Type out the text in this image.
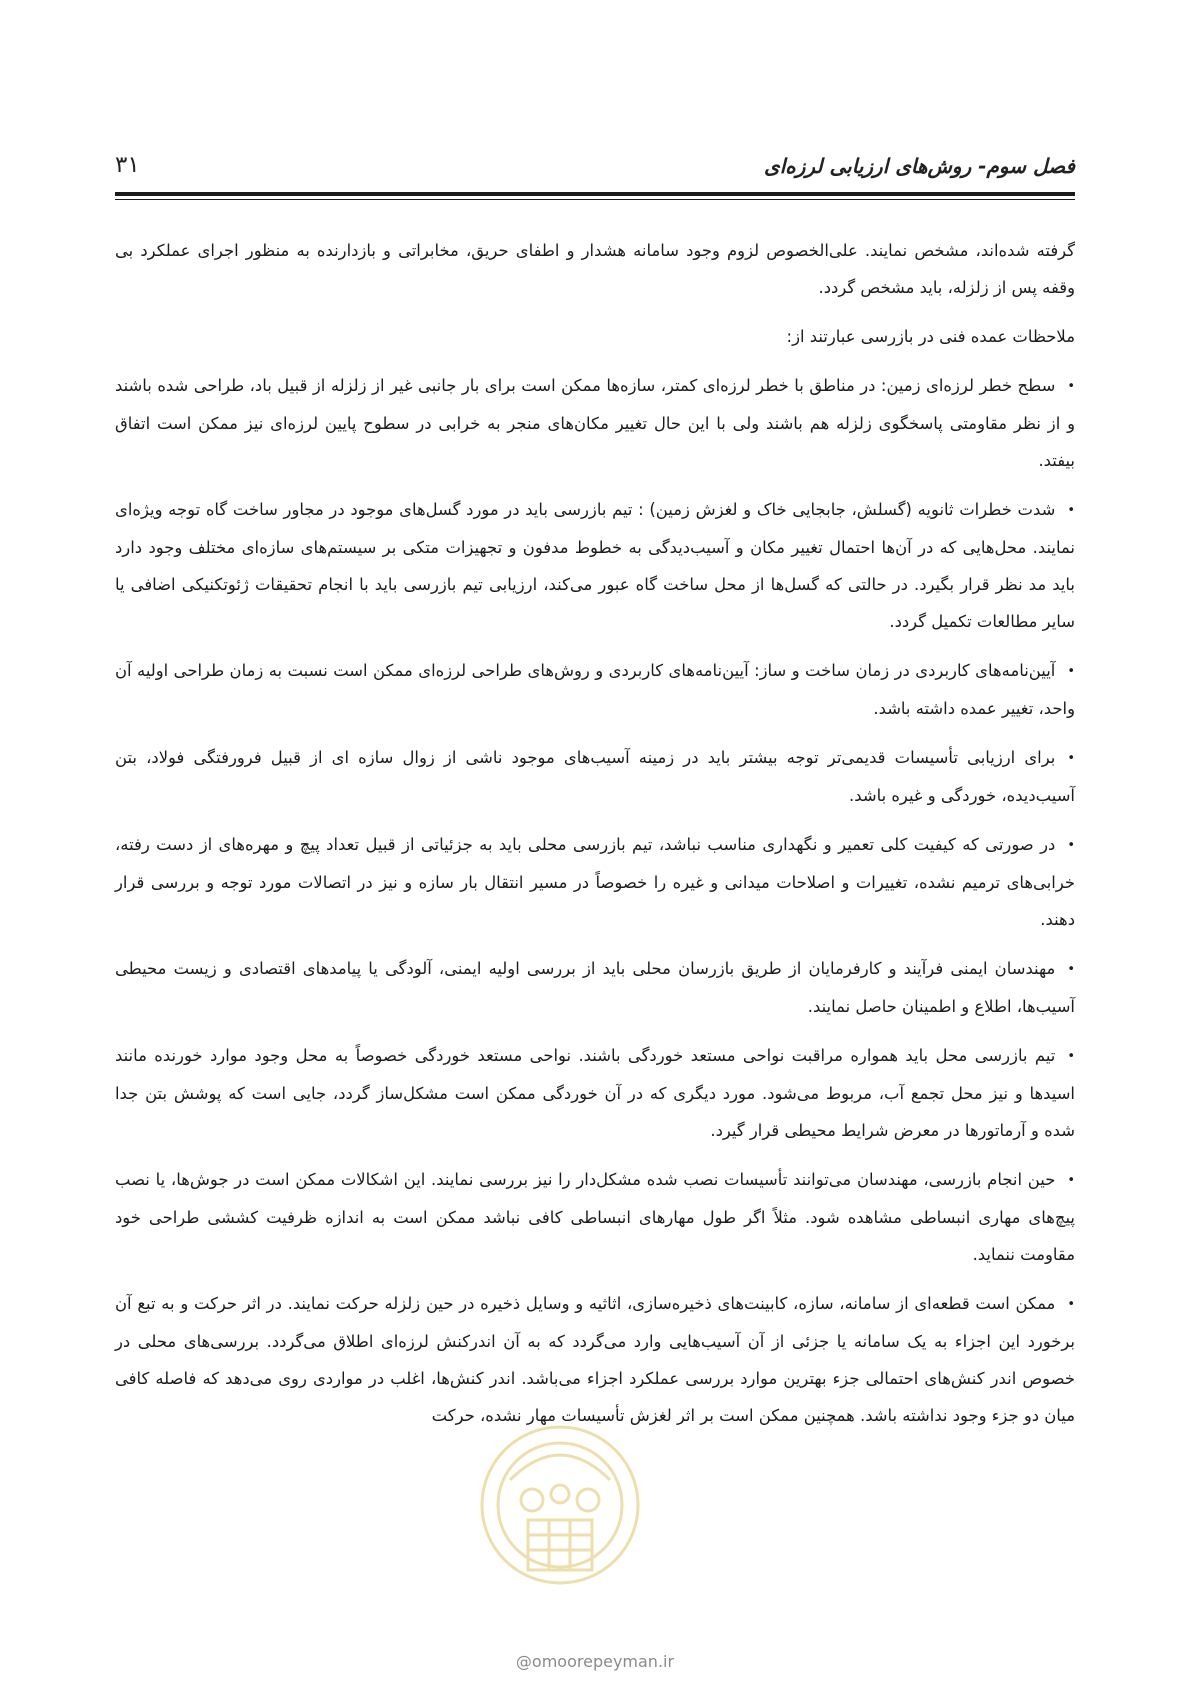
فصل سوم- روش‌های ارزیابی لرزه‌ای
۳۱

گرفته شده‌اند، مشخص نمایند. علی‌الخصوص لزوم وجود سامانه هشدار و اطفای حریق، مخابراتی و بازدارنده به منظور اجرای عملکرد بی وقفه پس از زلزله، باید مشخص گردد.

ملاحظات عمده فنی در بازرسی عبارتند از:

•سطح خطر لرزه‌ای زمین: در مناطق با خطر لرزه‌ای کمتر، سازه‌ها ممکن است برای بار جانبی غیر از زلزله از قبیل باد، طراحی شده باشند و از نظر مقاومتی پاسخگوی زلزله هم باشند ولی با این حال تغییر مکان‌های منجر به خرابی در سطوح پایین لرزه‌ای نیز ممکن است اتفاق بیفتد.

•شدت خطرات ثانویه (گسلش، جابجایی خاک و لغزش زمین) : تیم بازرسی باید در مورد گسل‌های موجود در مجاور ساخت گاه توجه ویژه‌ای نمایند. محل‌هایی که در آن‌ها احتمال تغییر مکان و آسیب‌دیدگی به خطوط مدفون و تجهیزات متکی بر سیستم‌های سازه‌ای مختلف وجود دارد باید مد نظر قرار بگیرد. در حالتی که گسل‌ها از محل ساخت گاه عبور می‌کند، ارزیابی تیم بازرسی باید با انجام تحقیقات ژئوتکنیکی اضافی یا سایر مطالعات تکمیل گردد.

•آیین‌نامه‌های کاربردی در زمان ساخت و ساز: آیین‌نامه‌های کاربردی و روش‌های طراحی لرزه‌ای ممکن است نسبت به زمان طراحی اولیه آن واحد، تغییر عمده داشته باشد.

•برای ارزیابی تأسیسات قدیمی‌تر توجه بیشتر باید در زمینه آسیب‌های موجود ناشی از زوال سازه ای از قبیل فرورفتگی فولاد، بتن آسیب‌دیده، خوردگی و غیره باشد.

•در صورتی که کیفیت کلی تعمیر و نگهداری مناسب نباشد، تیم بازرسی محلی باید به جزئیاتی از قبیل تعداد پیچ و مهره‌های از دست رفته، خرابی‌های ترمیم نشده، تغییرات و اصلاحات میدانی و غیره را خصوصاً در مسیر انتقال بار سازه و نیز در اتصالات مورد توجه و بررسی قرار دهند.

•مهندسان ایمنی فرآیند و کارفرمایان از طریق بازرسان محلی باید از بررسی اولیه ایمنی، آلودگی یا پیامدهای اقتصادی و زیست محیطی آسیب‌ها، اطلاع و اطمینان حاصل نمایند.

•تیم بازرسی محل باید همواره مراقبت نواحی مستعد خوردگی باشند. نواحی مستعد خوردگی خصوصاً به محل وجود موارد خورنده مانند اسیدها و نیز محل تجمع آب، مربوط می‌شود. مورد دیگری که در آن خوردگی ممکن است مشکل‌ساز گردد، جایی است که پوشش بتن جدا شده و آرماتورها در معرض شرایط محیطی قرار گیرد.

•حین انجام بازرسی، مهندسان می‌توانند تأسیسات نصب شده مشکل‌دار را نیز بررسی نمایند. این اشکالات ممکن است در جوش‌ها، یا نصب پیچ‌های مهاری انبساطی مشاهده شود. مثلاً اگر طول مهارهای انبساطی کافی نباشد ممکن است به اندازه ظرفیت کششی طراحی خود مقاومت ننماید.

•ممکن است قطعه‌ای از سامانه، سازه، کابینت‌های ذخیره‌سازی، اثاثیه و وسایل ذخیره در حین زلزله حرکت نمایند. در اثر حرکت و به تبع آن برخورد این اجزاء به یک سامانه یا جزئی از آن آسیب‌هایی وارد می‌گردد که به آن اندرکنش لرزه‌ای اطلاق می‌گردد. بررسی‌های محلی در خصوص اندر کنش‌های احتمالی جزء بهترین موارد بررسی عملکرد اجزاء می‌باشد. اندر کنش‌ها، اغلب در مواردی روی می‌دهد که فاصله کافی میان دو جزء وجود نداشته باشد. همچنین ممکن است بر اثر لغزش تأسیسات مهار نشده، حرکت

@omoorepeyman.ir
